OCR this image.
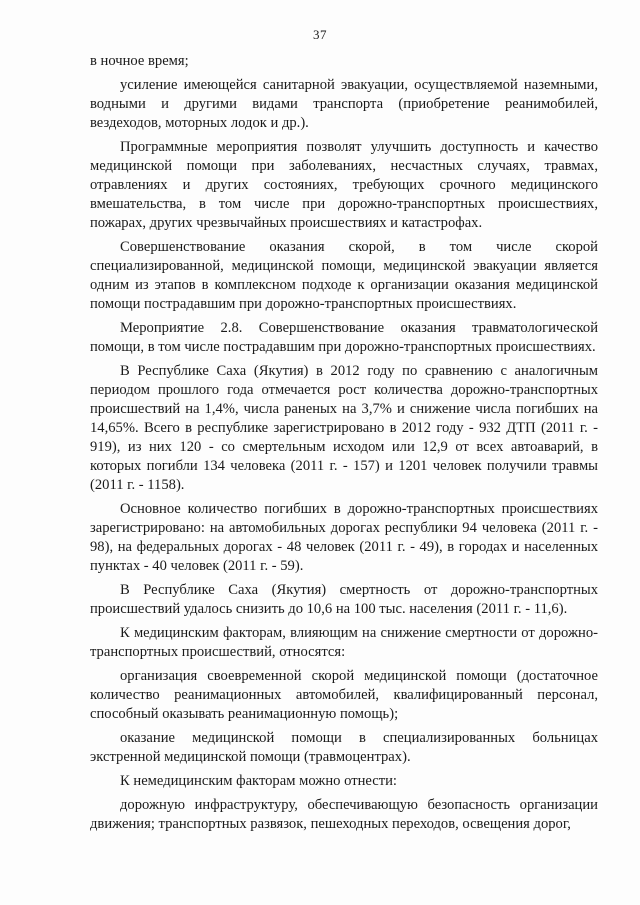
37

в ночное время;

усиление имеющейся санитарной эвакуации, осуществляемой наземными, водными и другими видами транспорта (приобретение реанимобилей, вездеходов, моторных лодок и др.).

Программные мероприятия позволят улучшить доступность и качество медицинской помощи при заболеваниях, несчастных случаях, травмах, отравлениях и других состояниях, требующих срочного медицинского вмешательства, в том числе при дорожно-транспортных происшествиях, пожарах, других чрезвычайных происшествиях и катастрофах.

Совершенствование оказания скорой, в том числе скорой специализированной, медицинской помощи, медицинской эвакуации является одним из этапов в комплексном подходе к организации оказания медицинской помощи пострадавшим при дорожно-транспортных происшествиях.

Мероприятие 2.8. Совершенствование оказания травматологической помощи, в том числе пострадавшим при дорожно-транспортных происшествиях.

В Республике Саха (Якутия) в 2012 году по сравнению с аналогичным периодом прошлого года отмечается рост количества дорожно-транспортных происшествий на 1,4%, числа раненых на 3,7% и снижение числа погибших на 14,65%. Всего в республике зарегистрировано в 2012 году - 932 ДТП (2011 г. - 919), из них 120 - со смертельным исходом или 12,9 от всех автоаварий, в которых погибли 134 человека (2011 г. - 157) и 1201 человек получили травмы (2011 г. - 1158).

Основное количество погибших в дорожно-транспортных происшествиях зарегистрировано: на автомобильных дорогах республики 94 человека (2011 г. - 98), на федеральных дорогах - 48 человек (2011 г. - 49), в городах и населенных пунктах - 40 человек (2011 г. - 59).

В Республике Саха (Якутия) смертность от дорожно-транспортных происшествий удалось снизить до 10,6 на 100 тыс. населения (2011 г. - 11,6).

К медицинским факторам, влияющим на снижение смертности от дорожно-транспортных происшествий, относятся:

организация своевременной скорой медицинской помощи (достаточное количество реанимационных автомобилей, квалифицированный персонал, способный оказывать реанимационную помощь);

оказание медицинской помощи в специализированных больницах экстренной медицинской помощи (травмоцентрах).

К немедицинским факторам можно отнести:

дорожную инфраструктуру, обеспечивающую безопасность организации движения; транспортных развязок, пешеходных переходов, освещения дорог,
